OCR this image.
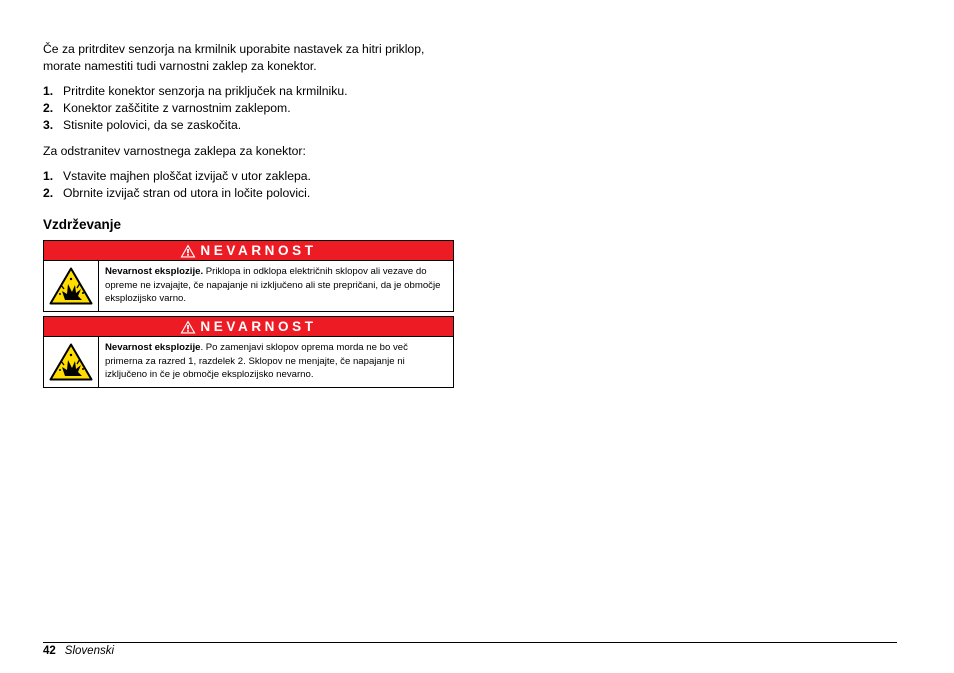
Če za pritrditev senzorja na krmilnik uporabite nastavek za hitri priklop, morate namestiti tudi varnostni zaklep za konektor.

1. Pritrdite konektor senzorja na priključek na krmilniku.
2. Konektor zaščitite z varnostnim zaklepom.
3. Stisnite polovici, da se zaskočita.

Za odstranitev varnostnega zaklepa za konektor:

1. Vstavite majhen ploščat izvijač v utor zaklepa.
2. Obrnite izvijač stran od utora in ločite polovici.
Vzdrževanje
NEVARNOST
Nevarnost eksplozije. Priklopa in odklopa električnih sklopov ali vezave do opreme ne izvajajte, če napajanje ni izključeno ali ste prepričani, da je območje eksplozijsko varno.
NEVARNOST
Nevarnost eksplozije. Po zamenjavi sklopov oprema morda ne bo več primerna za razred 1, razdelek 2. Sklopov ne menjajte, če napajanje ni izključeno in če je območje eksplozijsko nevarno.
42 Slovenski
